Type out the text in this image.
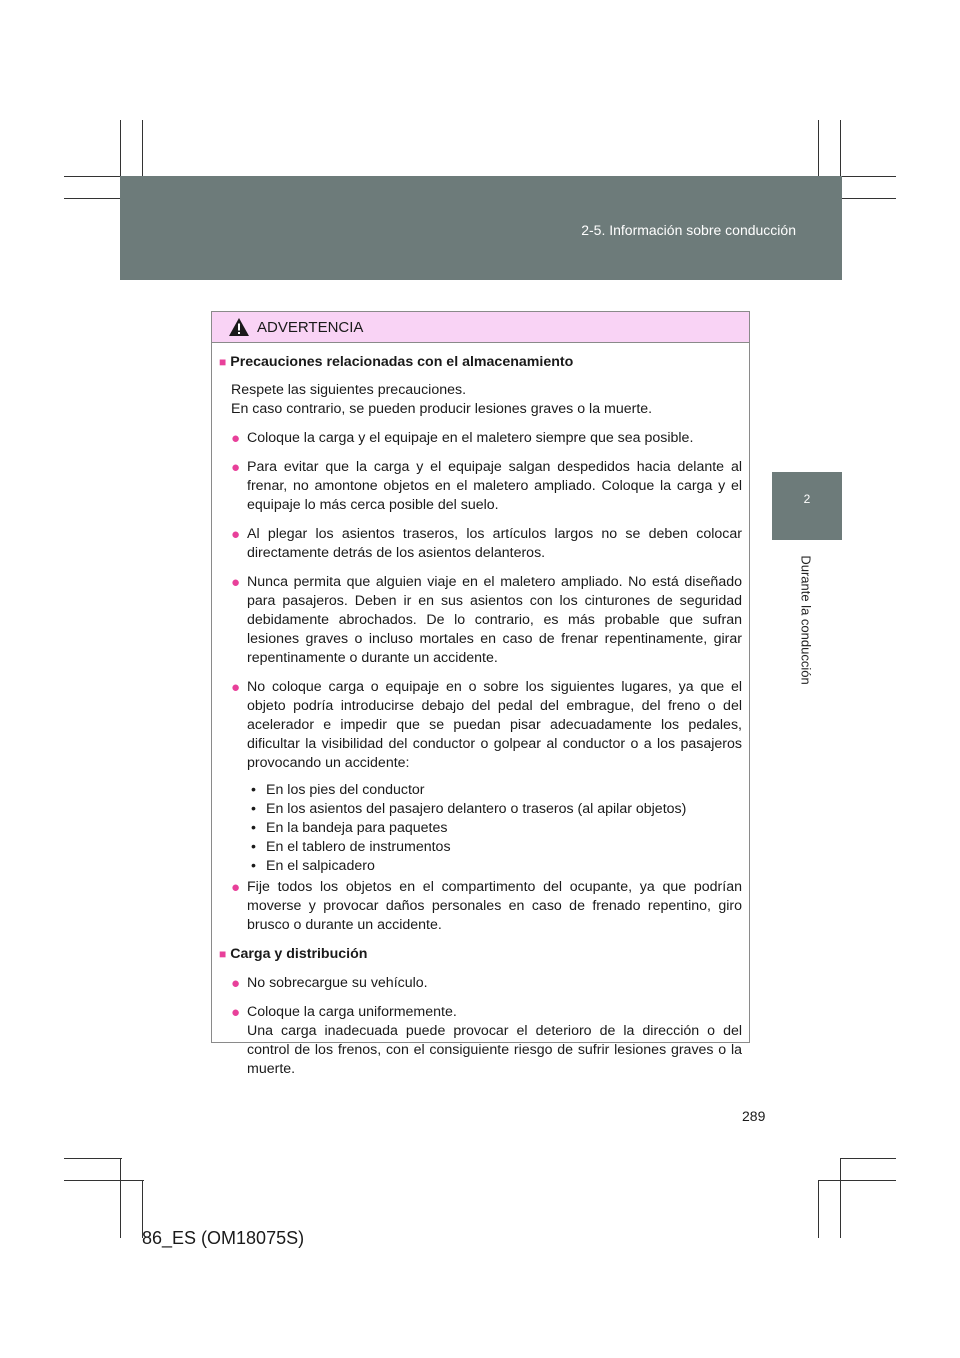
2-5. Información sobre conducción
2
Durante la conducción
ADVERTENCIA
■ Precauciones relacionadas con el almacenamiento
Respete las siguientes precauciones.
En caso contrario, se pueden producir lesiones graves o la muerte.
● Coloque la carga y el equipaje en el maletero siempre que sea posible.
● Para evitar que la carga y el equipaje salgan despedidos hacia delante al frenar, no amontone objetos en el maletero ampliado. Coloque la carga y el equipaje lo más cerca posible del suelo.
● Al plegar los asientos traseros, los artículos largos no se deben colocar directamente detrás de los asientos delanteros.
● Nunca permita que alguien viaje en el maletero ampliado. No está diseñado para pasajeros. Deben ir en sus asientos con los cinturones de seguridad debidamente abrochados. De lo contrario, es más probable que sufran lesiones graves o incluso mortales en caso de frenar repentinamente, girar repentinamente o durante un accidente.
● No coloque carga o equipaje en o sobre los siguientes lugares, ya que el objeto podría introducirse debajo del pedal del embrague, del freno o del acelerador e impedir que se puedan pisar adecuadamente los pedales, dificultar la visibilidad del conductor o golpear al conductor o a los pasajeros provocando un accidente:
• En los pies del conductor
• En los asientos del pasajero delantero o traseros (al apilar objetos)
• En la bandeja para paquetes
• En el tablero de instrumentos
• En el salpicadero
● Fije todos los objetos en el compartimento del ocupante, ya que podrían moverse y provocar daños personales en caso de frenado repentino, giro brusco o durante un accidente.
■ Carga y distribución
● No sobrecargue su vehículo.
● Coloque la carga uniformemente.
Una carga inadecuada puede provocar el deterioro de la dirección o del control de los frenos, con el consiguiente riesgo de sufrir lesiones graves o la muerte.
289
86_ES (OM18075S)
